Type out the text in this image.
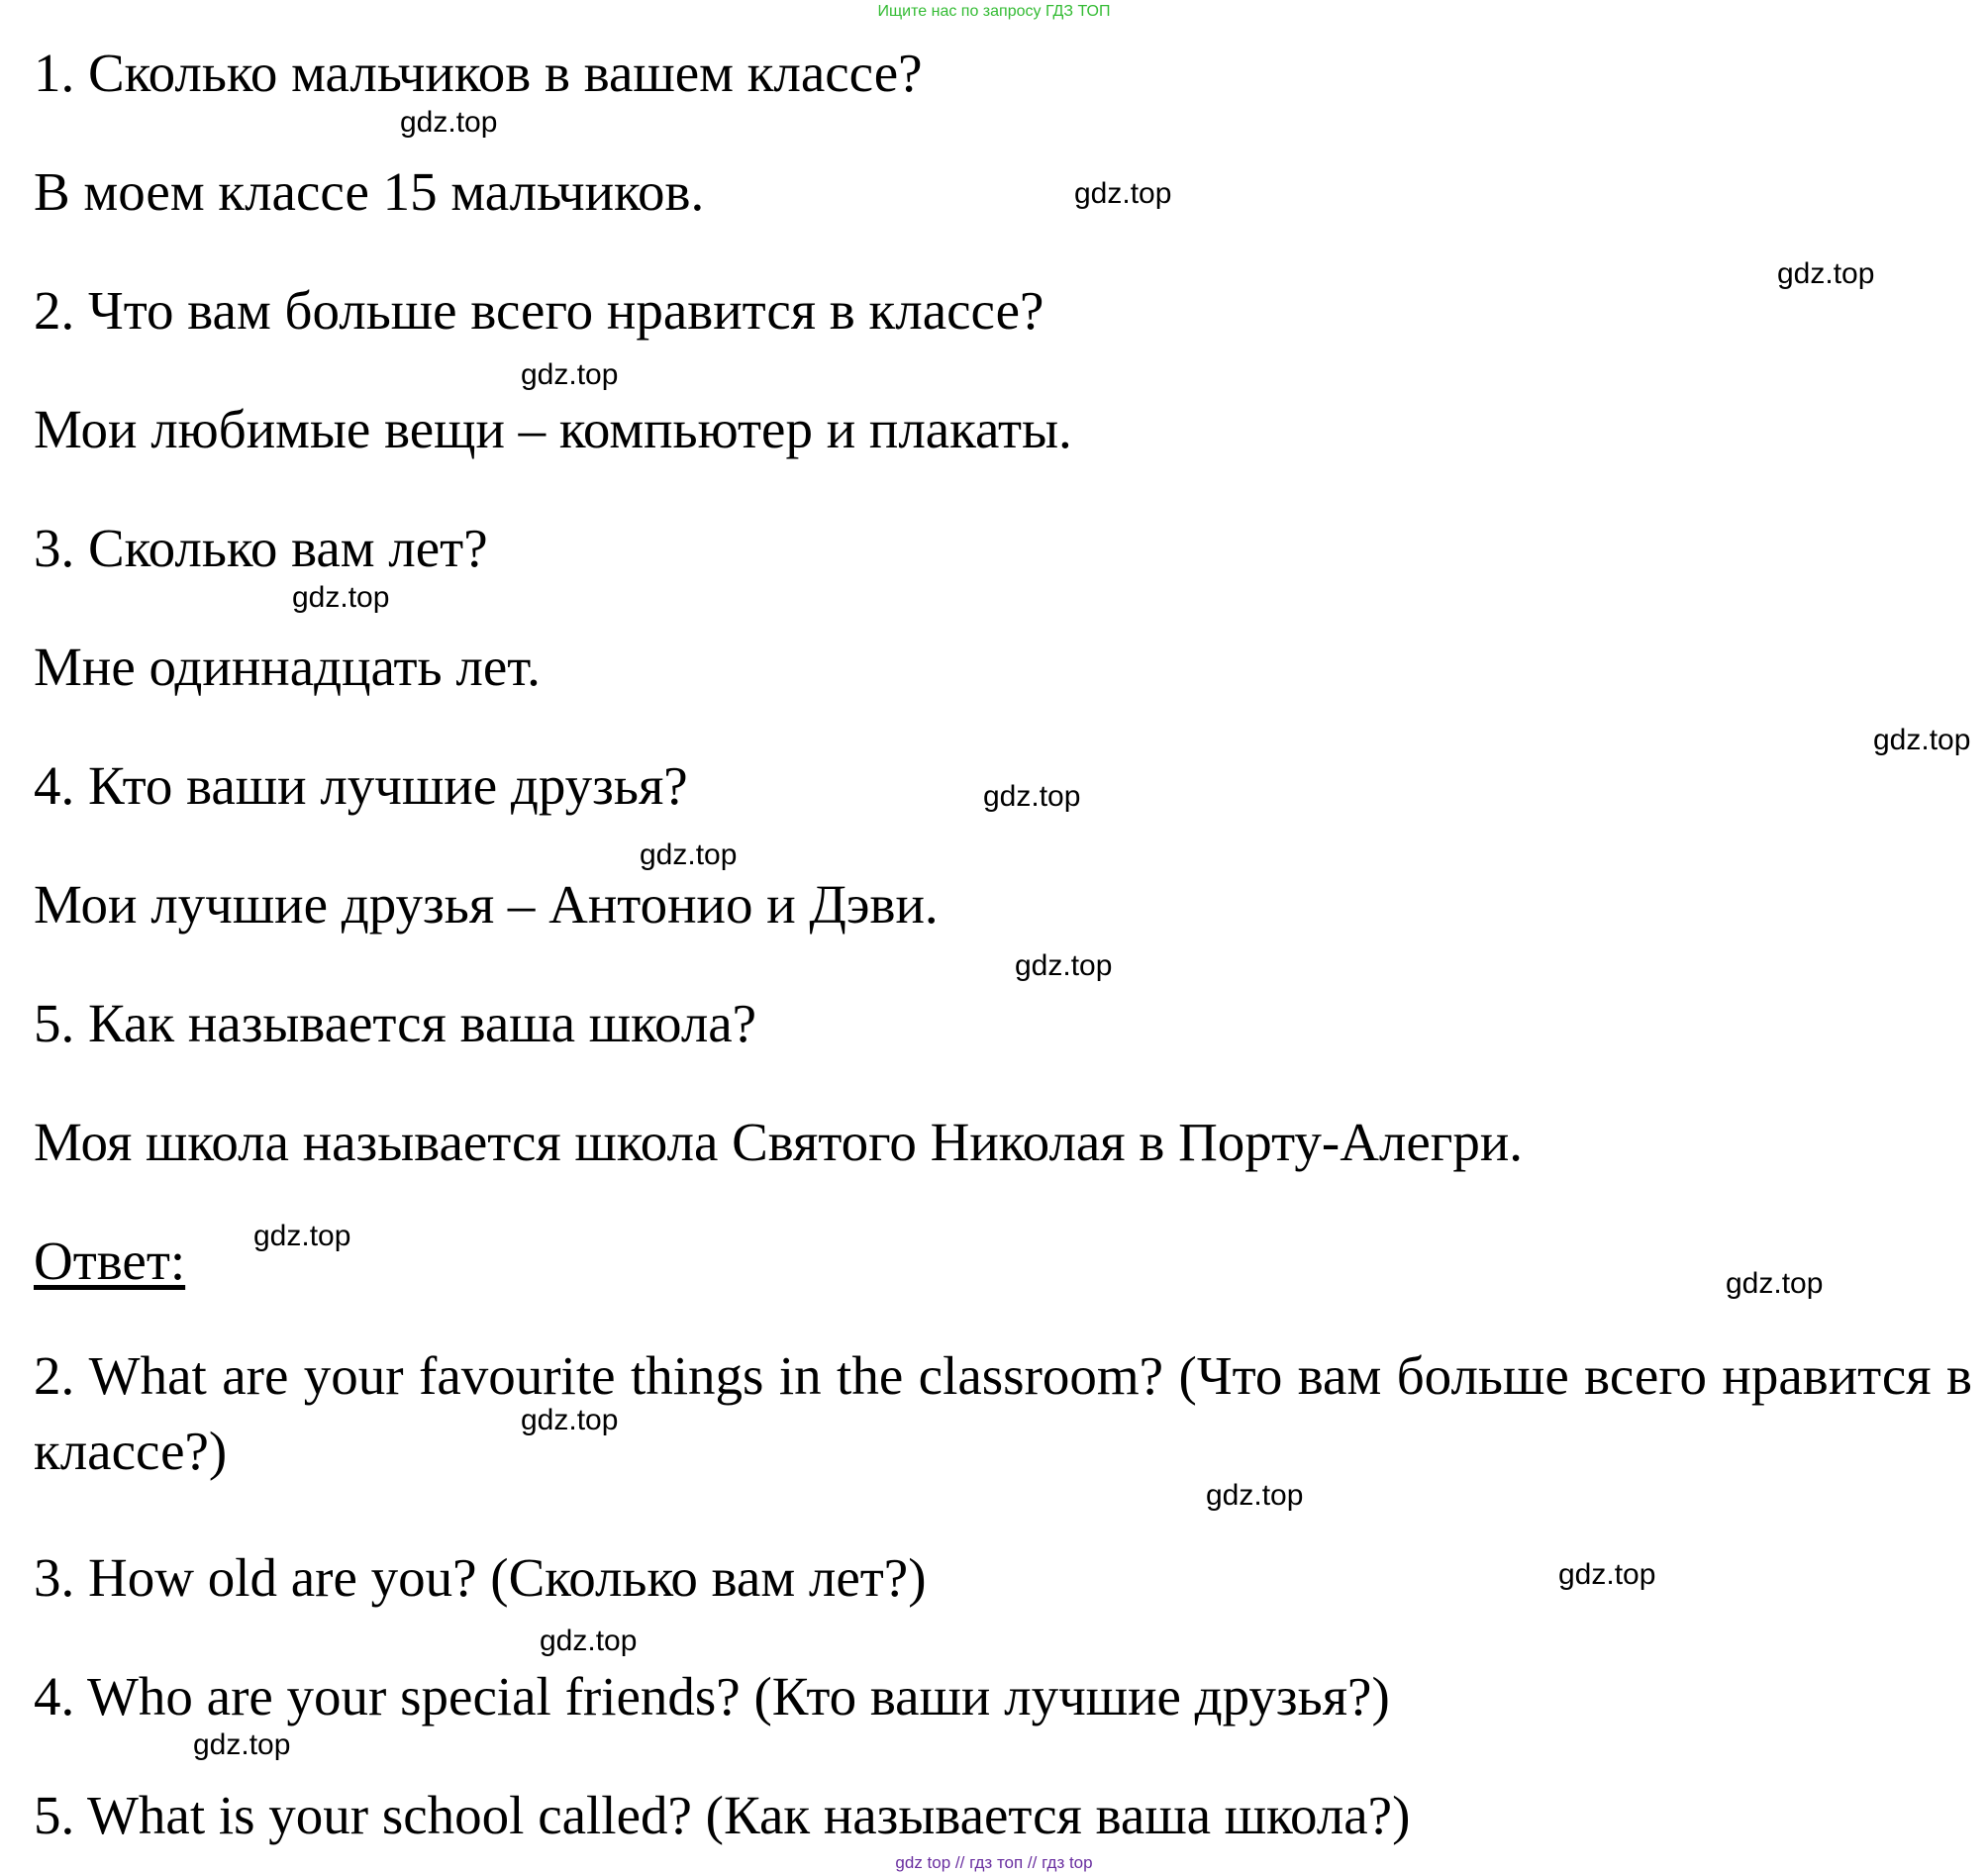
Ищите нас по запросу ГДЗ ТОП
1. Сколько мальчиков в вашем классе?
В моем классе 15 мальчиков.
2. Что вам больше всего нравится в классе?
Мои любимые вещи – компьютер и плакаты.
3. Сколько вам лет?
Мне одиннадцать лет.
4. Кто ваши лучшие друзья?
Мои лучшие друзья – Антонио и Дэви.
5. Как называется ваша школа?
Моя школа называется школа Святого Николая в Порту-Алегри.
Ответ:
2. What are your favourite things in the classroom? (Что вам больше всего нравится в классе?)
3. How old are you? (Сколько вам лет?)
4. Who are your special friends? (Кто ваши лучшие друзья?)
5. What is your school called? (Как называется ваша школа?)
gdz.top
gdz.top
gdz.top
gdz.top
gdz.top
gdz.top
gdz.top
gdz.top
gdz.top
gdz.top
gdz.top
gdz.top
gdz.top
gdz.top
gdz.top
gdz.top
gdz top // гдз топ // гдз top
